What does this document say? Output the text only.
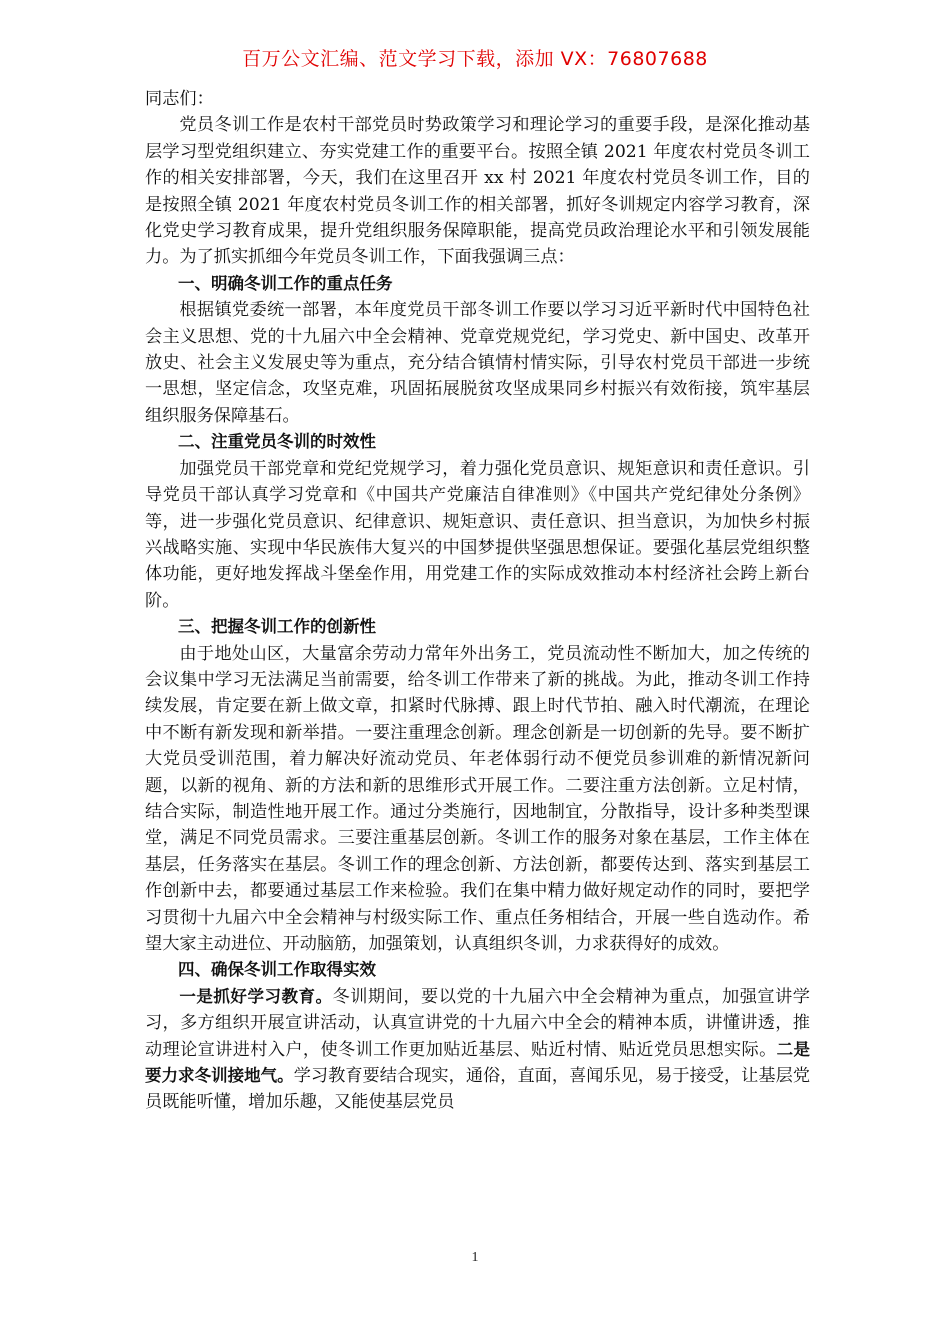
百万公文汇编、范文学习下载，添加 VX：76807688

同志们：

党员冬训工作是农村干部党员时势政策学习和理论学习的重要手段，是深化推动基层学习型党组织建立、夯实党建工作的重要平台。按照全镇 2021 年度农村党员冬训工作的相关安排部署，今天，我们在这里召开 xx 村 2021 年度农村党员冬训工作，目的是按照全镇 2021 年度农村党员冬训工作的相关部署，抓好冬训规定内容学习教育，深化党史学习教育成果，提升党组织服务保障职能，提高党员政治理论水平和引领发展能力。为了抓实抓细今年党员冬训工作，下面我强调三点：

一、明确冬训工作的重点任务

根据镇党委统一部署，本年度党员干部冬训工作要以学习习近平新时代中国特色社会主义思想、党的十九届六中全会精神、党章党规党纪，学习党史、新中国史、改革开放史、社会主义发展史等为重点，充分结合镇情村情实际，引导农村党员干部进一步统一思想，坚定信念，攻坚克难，巩固拓展脱贫攻坚成果同乡村振兴有效衔接，筑牢基层组织服务保障基石。

二、注重党员冬训的时效性

加强党员干部党章和党纪党规学习，着力强化党员意识、规矩意识和责任意识。引导党员干部认真学习党章和《中国共产党廉洁自律准则》《中国共产党纪律处分条例》等，进一步强化党员意识、纪律意识、规矩意识、责任意识、担当意识，为加快乡村振兴战略实施、实现中华民族伟大复兴的中国梦提供坚强思想保证。要强化基层党组织整体功能，更好地发挥战斗堡垒作用，用党建工作的实际成效推动本村经济社会跨上新台阶。

三、把握冬训工作的创新性

由于地处山区，大量富余劳动力常年外出务工，党员流动性不断加大，加之传统的会议集中学习无法满足当前需要，给冬训工作带来了新的挑战。为此，推动冬训工作持续发展，肯定要在新上做文章，扣紧时代脉搏、跟上时代节拍、融入时代潮流，在理论中不断有新发现和新举措。一要注重理念创新。理念创新是一切创新的先导。要不断扩大党员受训范围，着力解决好流动党员、年老体弱行动不便党员参训难的新情况新问题，以新的视角、新的方法和新的思维形式开展工作。二要注重方法创新。立足村情，结合实际，制造性地开展工作。通过分类施行，因地制宜，分散指导，设计多种类型课堂，满足不同党员需求。三要注重基层创新。冬训工作的服务对象在基层，工作主体在基层，任务落实在基层。冬训工作的理念创新、方法创新，都要传达到、落实到基层工作创新中去，都要通过基层工作来检验。我们在集中精力做好规定动作的同时，要把学习贯彻十九届六中全会精神与村级实际工作、重点任务相结合，开展一些自选动作。希望大家主动进位、开动脑筋，加强策划，认真组织冬训，力求获得好的成效。

四、确保冬训工作取得实效

一是抓好学习教育。冬训期间，要以党的十九届六中全会精神为重点，加强宣讲学习，多方组织开展宣讲活动，认真宣讲党的十九届六中全会的精神本质，讲懂讲透，推动理论宣讲进村入户，使冬训工作更加贴近基层、贴近村情、贴近党员思想实际。二是要力求冬训接地气。学习教育要结合现实，通俗，直面，喜闻乐见，易于接受，让基层党员既能听懂，增加乐趣，又能使基层党员

1
